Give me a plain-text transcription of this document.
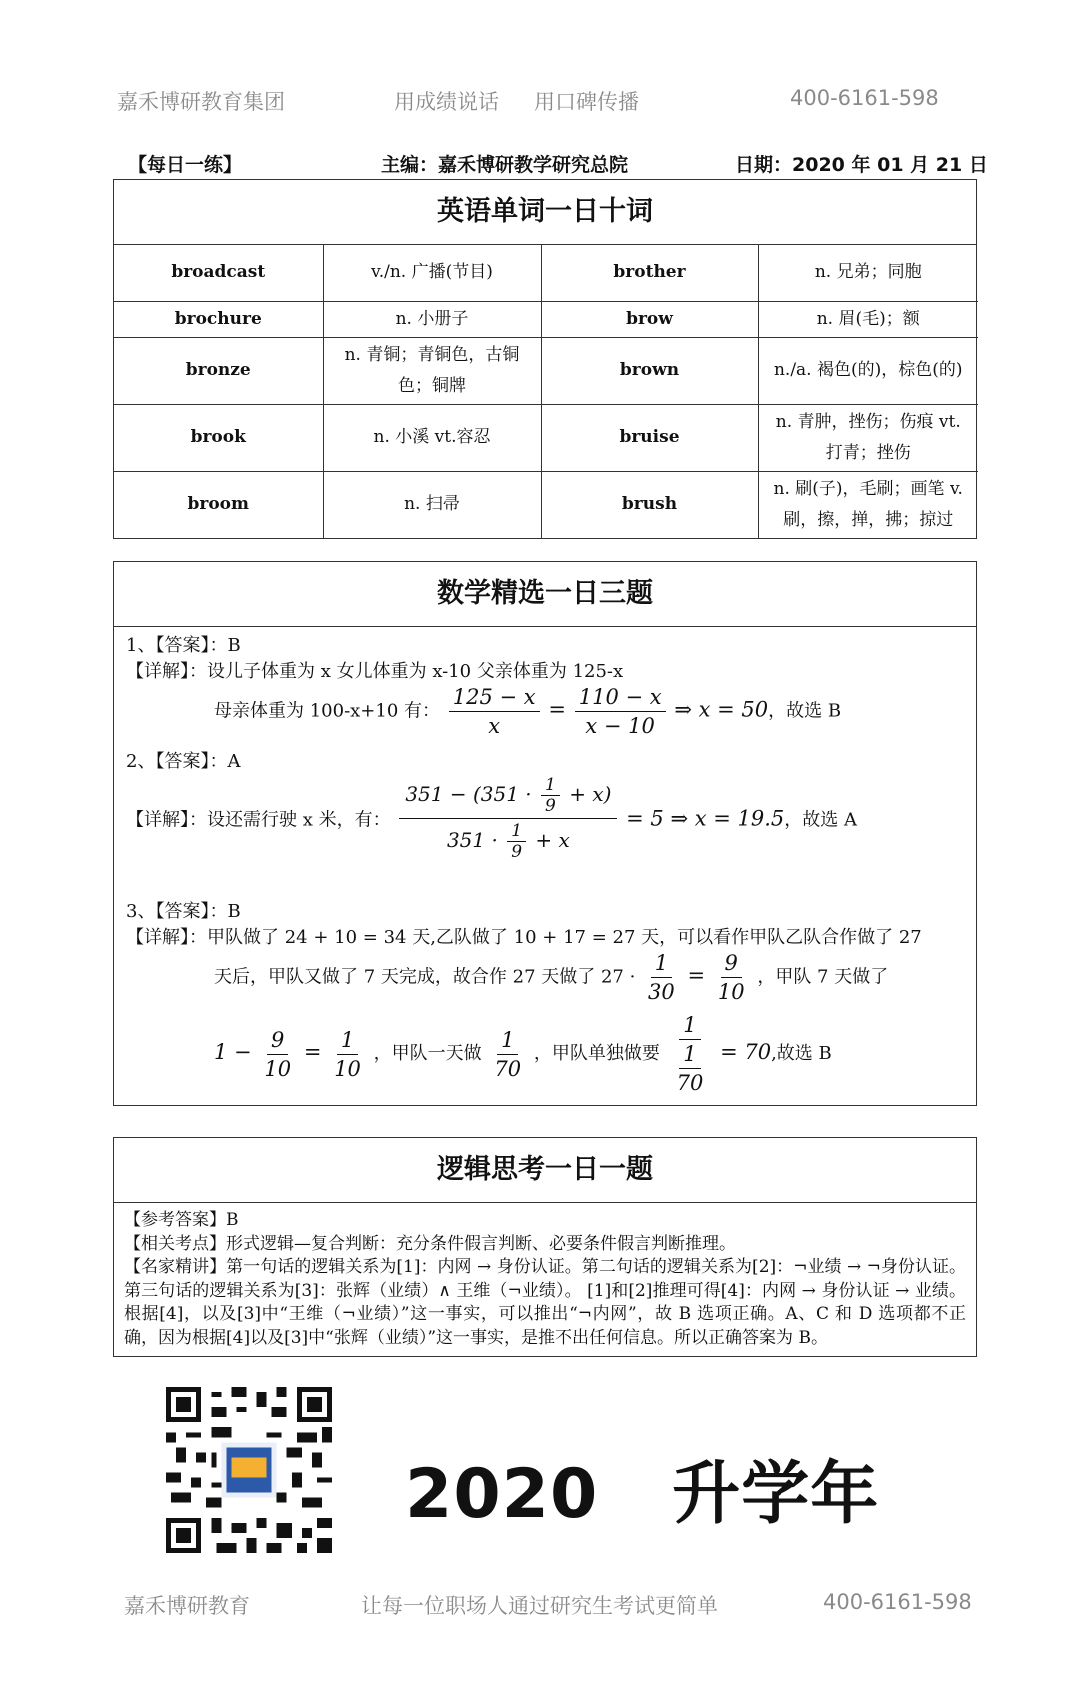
嘉禾博研教育集团	用成绩说话 用口碑传播	400-6161-598
【每日一练】	主编：嘉禾博研教学研究总院	日期：2020 年 01 月 21 日
英语单词一日十词
broadcast	v./n. 广播(节目)	brother	n. 兄弟；同胞
brochure	n. 小册子	brow	n. 眉(毛)；额
bronze	n. 青铜；青铜色，古铜色；铜牌	brown	n./a. 褐色(的)，棕色(的)
brook	n. 小溪 vt.容忍	bruise	n. 青肿，挫伤；伤痕 vt. 打青；挫伤
broom	n. 扫帚	brush	n. 刷(子)，毛刷；画笔 v. 刷，擦，掸，拂；掠过
数学精选一日三题
1、【答案】：B
【详解】：设儿子体重为 x 女儿体重为 x-10 父亲体重为 125-x
母亲体重为 100-x+10 有： $\frac{125 - x}{x} = \frac{110 - x}{x - 10}$ ⇒ x = 50，故选 B
2、【答案】：A
【详解】：设还需行驶 x 米，有： $\frac{351 - (351 \cdot \frac{1}{9} + x)}{351 \cdot \frac{1}{9} + x} = 5$ ⇒ x = 19.5，故选 A
3、【答案】：B
【详解】：甲队做了 24 + 10 = 34 天,乙队做了 10 + 17 = 27 天，可以看作甲队乙队合作做了 27
天后，甲队又做了 7 天完成，故合作 27 天做了 $27 \cdot \frac{1}{30} = \frac{9}{10}$ ，甲队 7 天做了
$1 - \frac{9}{10} = \frac{1}{10}$ ，甲队一天做 $\frac{1}{70}$ ，甲队单独做要 $\frac{1}{\frac{1}{70}} = 70$,故选 B
逻辑思考一日一题
【参考答案】B
【相关考点】形式逻辑—复合判断：充分条件假言判断、必要条件假言判断推理。
【名家精讲】第一句话的逻辑关系为[1]：内网 → 身份认证。第二句话的逻辑关系为[2]：¬业绩 → ¬身份认证。第三句话的逻辑关系为[3]：张辉（业绩）∧ 王维（¬业绩）。 [1]和[2]推理可得[4]：内网 → 身份认证 → 业绩。根据[4]，以及[3]中“王维（¬业绩）”这一事实，可以推出“¬内网”，故 B 选项正确。A、C 和 D 选项都不正确，因为根据[4]以及[3]中“张辉（业绩）”这一事实，是推不出任何信息。所以正确答案为 B。
2020   升学年
嘉禾博研教育	让每一位职场人通过研究生考试更简单	400-6161-598
